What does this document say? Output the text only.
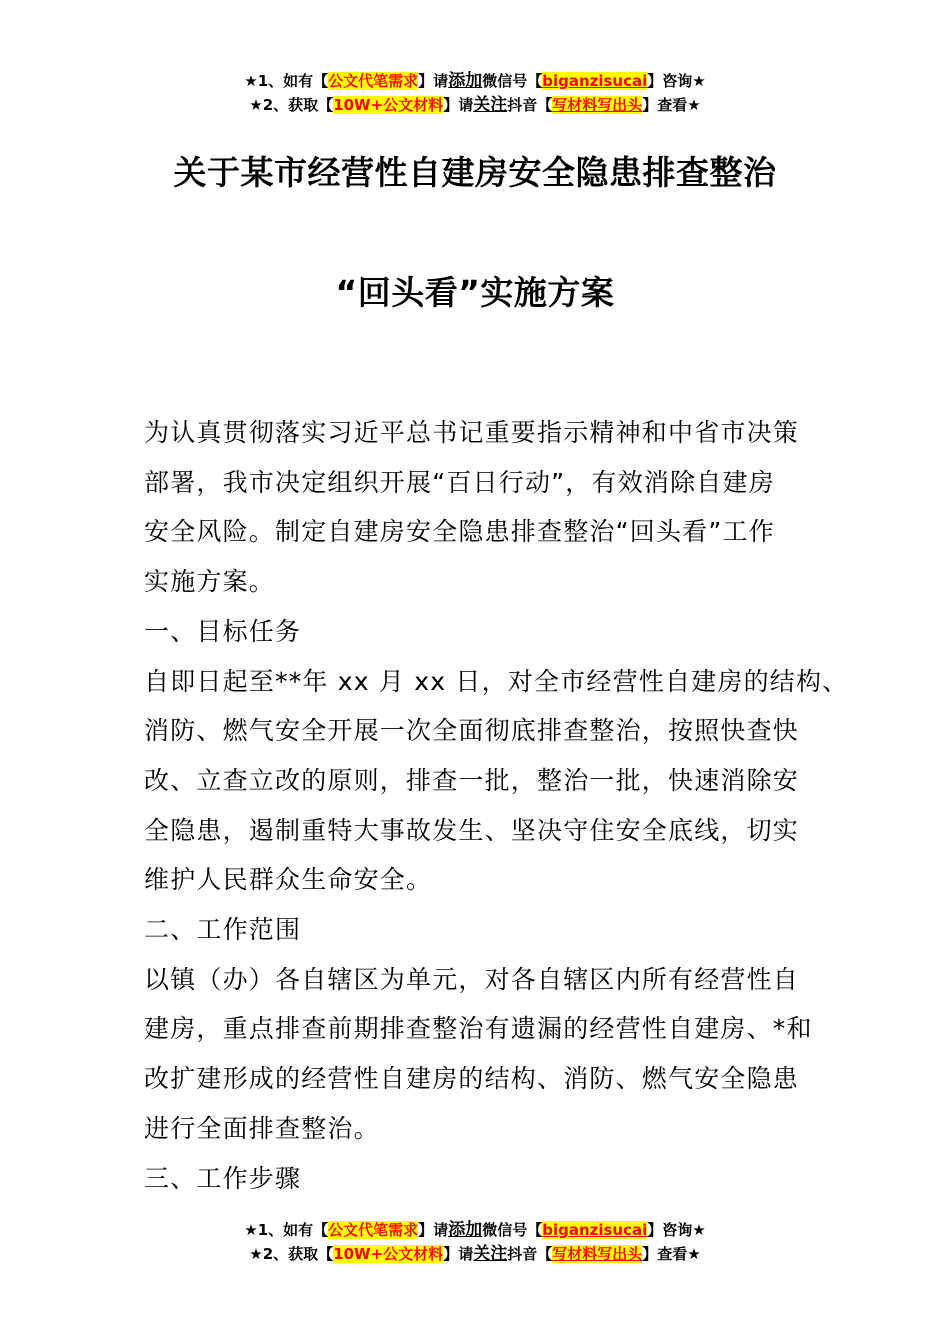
★1、如有【公文代笔需求】请添加微信号【biganzisucai】咨询★
★2、获取【10W+公文材料】请关注抖音【写材料写出头】查看★
关于某市经营性自建房安全隐患排查整治
“回头看”实施方案
为认真贯彻落实习近平总书记重要指示精神和中省市决策
部署，我市决定组织开展“百日行动”，有效消除自建房
安全风险。制定自建房安全隐患排查整治“回头看”工作
实施方案。
一、目标任务
自即日起至**年 xx 月 xx 日，对全市经营性自建房的结构、
消防、燃气安全开展一次全面彻底排查整治，按照快查快
改、立查立改的原则，排查一批，整治一批，快速消除安
全隐患，遏制重特大事故发生、坚决守住安全底线，切实
维护人民群众生命安全。
二、工作范围
以镇（办）各自辖区为单元，对各自辖区内所有经营性自
建房，重点排查前期排查整治有遗漏的经营性自建房、*和
改扩建形成的经营性自建房的结构、消防、燃气安全隐患
进行全面排查整治。
三、工作步骤
★1、如有【公文代笔需求】请添加微信号【biganzisucai】咨询★
★2、获取【10W+公文材料】请关注抖音【写材料写出头】查看★
